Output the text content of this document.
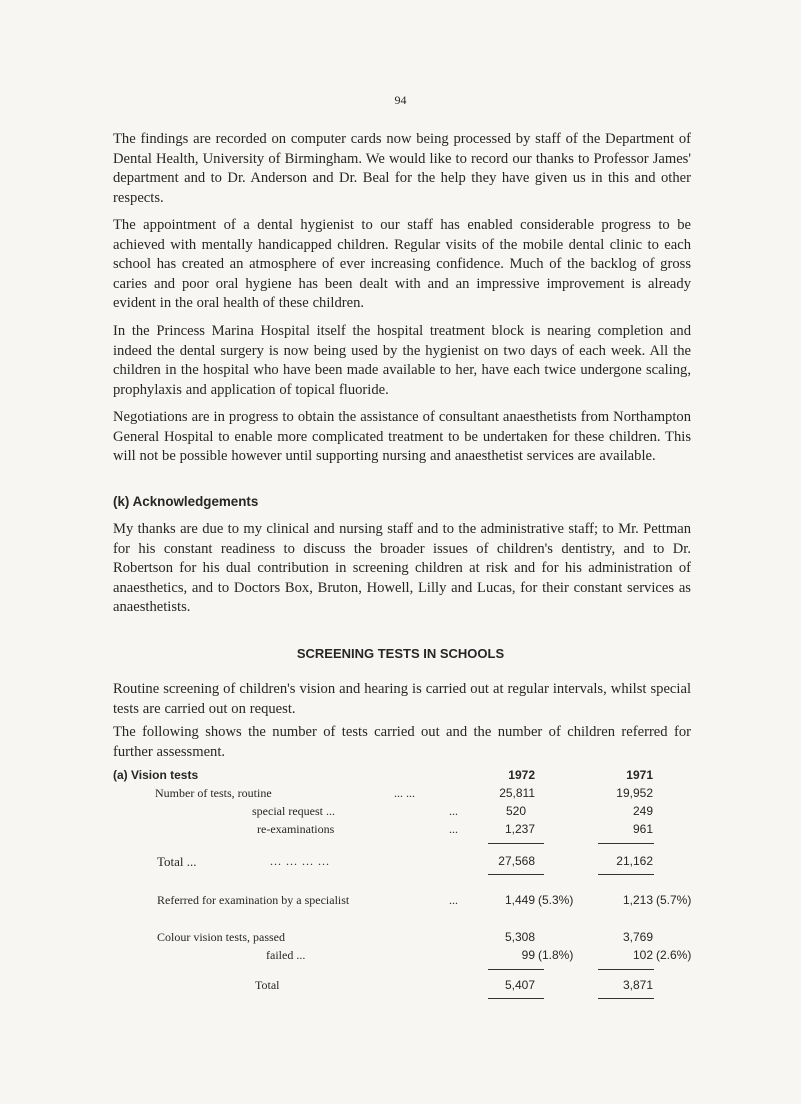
94

The findings are recorded on computer cards now being processed by staff of the Department of Dental Health, University of Birmingham. We would like to record our thanks to Professor James' department and to Dr. Anderson and Dr. Beal for the help they have given us in this and other respects.

The appointment of a dental hygienist to our staff has enabled considerable progress to be achieved with mentally handicapped children. Regular visits of the mobile dental clinic to each school has created an atmosphere of ever increasing confidence. Much of the backlog of gross caries and poor oral hygiene has been dealt with and an impressive improvement is already evident in the oral health of these children.

In the Princess Marina Hospital itself the hospital treatment block is nearing completion and indeed the dental surgery is now being used by the hygienist on two days of each week. All the children in the hospital who have been made available to her, have each twice undergone scaling, prophylaxis and application of topical fluoride.

Negotiations are in progress to obtain the assistance of consultant anaesthetists from Northampton General Hospital to enable more complicated treatment to be undertaken for these children. This will not be possible however until supporting nursing and anaesthetist services are available.

(k) Acknowledgements

My thanks are due to my clinical and nursing staff and to the administrative staff; to Mr. Pettman for his constant readiness to discuss the broader issues of children's dentistry, and to Dr. Robertson for his dual contribution in screening children at risk and for his administration of anaesthetics, and to Doctors Box, Bruton, Howell, Lilly and Lucas, for their constant services as anaesthetists.

SCREENING TESTS IN SCHOOLS

Routine screening of children's vision and hearing is carried out at regular intervals, whilst special tests are carried out on request.

The following shows the number of tests carried out and the number of children referred for further assessment.

(a) Vision tests	1972	1971
Number of tests, routine	... ...	25,811	19,952
special request ...	...	520	249
re-examinations	...	1,237	961
Total ...	... ... ... ...	27,568	21,162
Referred for examination by a specialist	...	1,449 (5.3%)	1,213 (5.7%)
Colour vision tests, passed	5,308	3,769
failed ...	99 (1.8%)	102 (2.6%)
Total	5,407	3,871
